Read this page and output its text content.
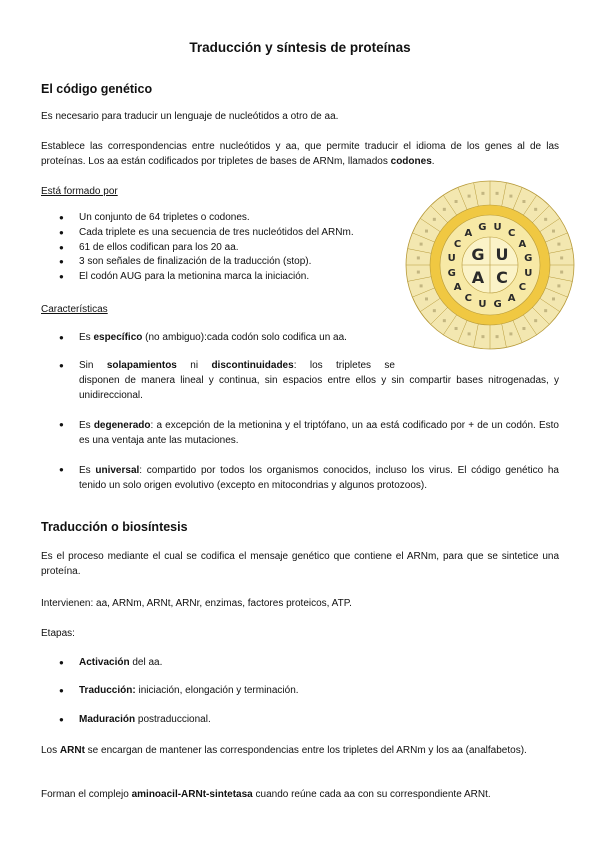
Traducción y síntesis de proteínas
El código genético
Es necesario para traducir un lenguaje de nucleótidos a otro de aa.
Establece las correspondencias entre nucleótidos y aa, que permite traducir el idioma de los genes al de las proteínas. Los aa están codificados por tripletes de bases de ARNm, llamados codones.
Está formado por
Un conjunto de 64 tripletes o codones.
Cada triplete es una secuencia de tres nucleótidos del ARNm.
61 de ellos codifican para los 20 aa.
3 son señales de finalización de la traducción (stop).
El codón AUG para la metionina marca la iniciación.
Características
Es específico (no ambiguo):cada codón solo codifica un aa.
Sin solapamientos ni discontinuidades: los tripletes se
disponen de manera lineal y continua, sin espacios entre ellos y sin compartir bases nitrogenadas, y unidireccional.
Es degenerado: a excepción de la metionina y el triptófano, un aa está codificado por + de un codón. Esto es una ventaja ante las mutaciones.
Es universal: compartido por todos los organismos conocidos, incluso los virus. El código genético ha tenido un solo origen evolutivo (excepto en mitocondrias y algunos protozoos).
Traducción o biosíntesis
Es el proceso mediante el cual se codifica el mensaje genético que contiene el ARNm, para que se sintetice una proteína.
Intervienen: aa, ARNm, ARNt, ARNr, enzimas, factores proteicos, ATP.
Etapas:
Activación del aa.
Traducción: iniciación, elongación y terminación.
Maduración postraduccional.
Los ARNt se encargan de mantener las correspondencias entre los tripletes del ARNm y los aa (analfabetos).
Forman el complejo aminoacil-ARNt-sintetasa cuando reúne cada aa con su correspondiente ARNt.
G U
A C
U
C
A
G
U
C
A
G
U
C
A
G
U
C
A
G
